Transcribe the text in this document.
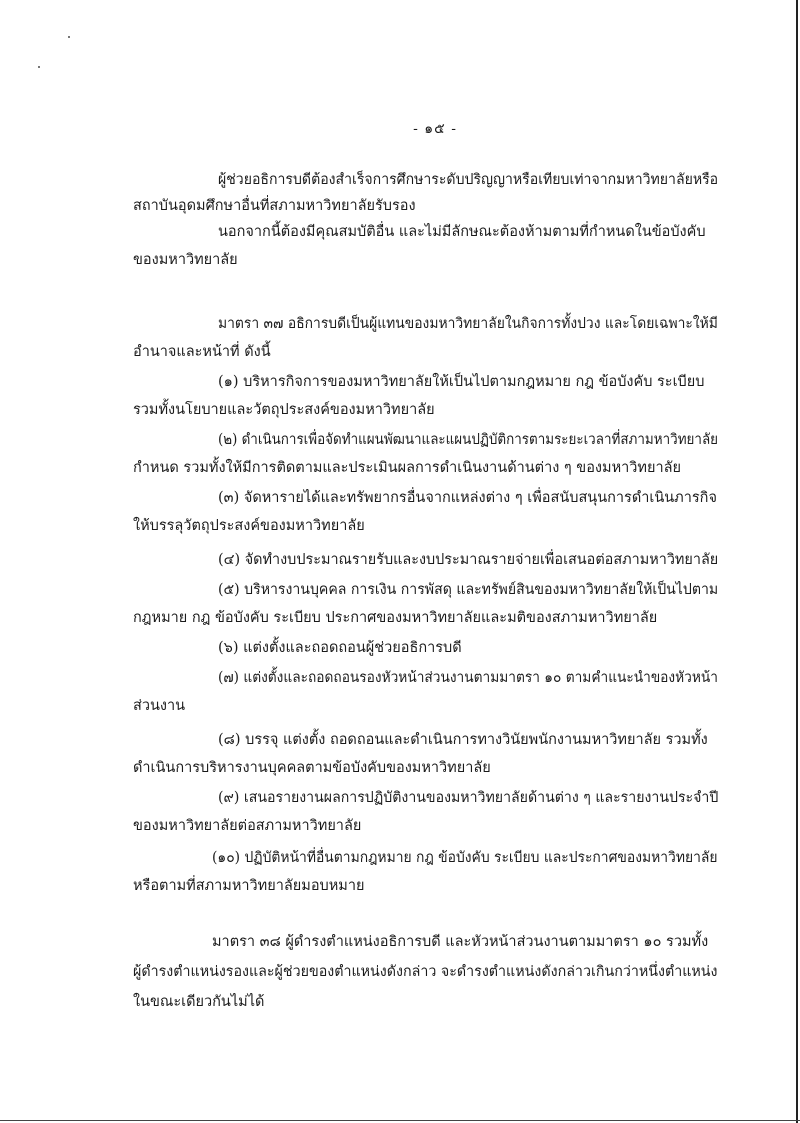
- ๑๕ -
ผู้ช่วยอธิการบดีต้องสำเร็จการศึกษาระดับปริญญาหรือเทียบเท่าจากมหาวิทยาลัยหรือ
สถาบันอุดมศึกษาอื่นที่สภามหาวิทยาลัยรับรอง
นอกจากนี้ต้องมีคุณสมบัติอื่น และไม่มีลักษณะต้องห้ามตามที่กำหนดในข้อบังคับ
ของมหาวิทยาลัย
มาตรา ๓๗ อธิการบดีเป็นผู้แทนของมหาวิทยาลัยในกิจการทั้งปวง และโดยเฉพาะให้มี
อำนาจและหน้าที่ ดังนี้
(๑) บริหารกิจการของมหาวิทยาลัยให้เป็นไปตามกฎหมาย กฎ ข้อบังคับ ระเบียบ
รวมทั้งนโยบายและวัตถุประสงค์ของมหาวิทยาลัย
(๒) ดำเนินการเพื่อจัดทำแผนพัฒนาและแผนปฏิบัติการตามระยะเวลาที่สภามหาวิทยาลัย
กำหนด รวมทั้งให้มีการติดตามและประเมินผลการดำเนินงานด้านต่าง ๆ ของมหาวิทยาลัย
(๓) จัดหารายได้และทรัพยากรอื่นจากแหล่งต่าง ๆ เพื่อสนับสนุนการดำเนินภารกิจ
ให้บรรลุวัตถุประสงค์ของมหาวิทยาลัย
(๔) จัดทำงบประมาณรายรับและงบประมาณรายจ่ายเพื่อเสนอต่อสภามหาวิทยาลัย
(๕) บริหารงานบุคคล การเงิน การพัสดุ และทรัพย์สินของมหาวิทยาลัยให้เป็นไปตาม
กฎหมาย กฎ ข้อบังคับ ระเบียบ ประกาศของมหาวิทยาลัยและมติของสภามหาวิทยาลัย
(๖) แต่งตั้งและถอดถอนผู้ช่วยอธิการบดี
(๗) แต่งตั้งและถอดถอนรองหัวหน้าส่วนงานตามมาตรา ๑๐ ตามคำแนะนำของหัวหน้า
ส่วนงาน
(๘) บรรจุ แต่งตั้ง ถอดถอนและดำเนินการทางวินัยพนักงานมหาวิทยาลัย รวมทั้ง
ดำเนินการบริหารงานบุคคลตามข้อบังคับของมหาวิทยาลัย
(๙) เสนอรายงานผลการปฏิบัติงานของมหาวิทยาลัยด้านต่าง ๆ และรายงานประจำปี
ของมหาวิทยาลัยต่อสภามหาวิทยาลัย
(๑๐) ปฏิบัติหน้าที่อื่นตามกฎหมาย กฎ ข้อบังคับ ระเบียบ และประกาศของมหาวิทยาลัย
หรือตามที่สภามหาวิทยาลัยมอบหมาย
มาตรา ๓๘ ผู้ดำรงตำแหน่งอธิการบดี และหัวหน้าส่วนงานตามมาตรา ๑๐ รวมทั้ง
ผู้ดำรงตำแหน่งรองและผู้ช่วยของตำแหน่งดังกล่าว จะดำรงตำแหน่งดังกล่าวเกินกว่าหนึ่งตำแหน่ง
ในขณะเดียวกันไม่ได้
